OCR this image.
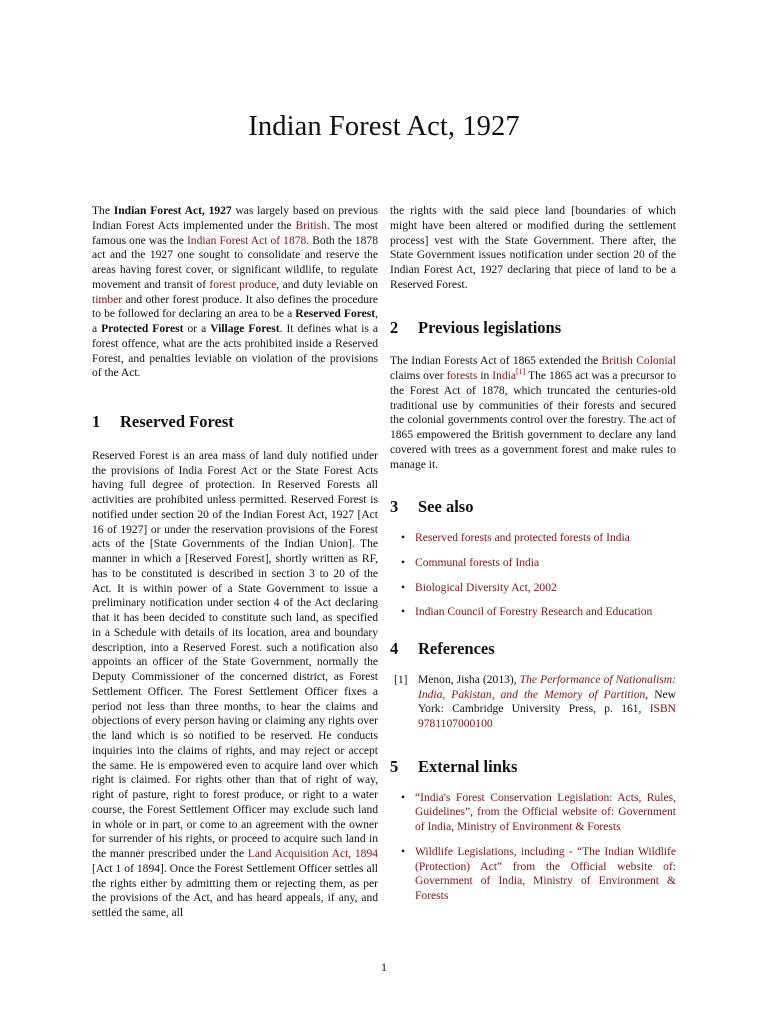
Indian Forest Act, 1927

The Indian Forest Act, 1927 was largely based on previous Indian Forest Acts implemented under the British. The most famous one was the Indian Forest Act of 1878. Both the 1878 act and the 1927 one sought to consolidate and reserve the areas having forest cover, or significant wildlife, to regulate movement and transit of forest produce, and duty leviable on timber and other forest produce. It also defines the procedure to be followed for declaring an area to be a Reserved Forest, a Protected Forest or a Village Forest. It defines what is a forest offence, what are the acts prohibited inside a Reserved Forest, and penalties leviable on violation of the provisions of the Act.

1	Reserved Forest

Reserved Forest is an area mass of land duly notified under the provisions of India Forest Act or the State Forest Acts having full degree of protection. In Reserved Forests all activities are prohibited unless permitted. Reserved Forest is notified under section 20 of the Indian Forest Act, 1927 [Act 16 of 1927] or under the reservation provisions of the Forest acts of the [State Governments of the Indian Union]. The manner in which a [Reserved Forest], shortly written as RF, has to be constituted is described in section 3 to 20 of the Act. It is within power of a State Government to issue a preliminary notification under section 4 of the Act declaring that it has been decided to constitute such land, as specified in a Schedule with details of its location, area and boundary description, into a Reserved Forest. such a notification also appoints an officer of the State Government, normally the Deputy Commissioner of the concerned district, as Forest Settlement Officer. The Forest Settlement Officer fixes a period not less than three months, to hear the claims and objections of every person having or claiming any rights over the land which is so notified to be reserved. He conducts inquiries into the claims of rights, and may reject or accept the same. He is empowered even to acquire land over which right is claimed. For rights other than that of right of way, right of pasture, right to forest produce, or right to a water course, the Forest Settlement Officer may exclude such land in whole or in part, or come to an agreement with the owner for surrender of his rights, or proceed to acquire such land in the manner prescribed under the Land Acquisition Act, 1894 [Act 1 of 1894]. Once the Forest Settlement Officer settles all the rights either by admitting them or rejecting them, as per the provisions of the Act, and has heard appeals, if any, and settled the same, all

the rights with the said piece land [boundaries of which might have been altered or modified during the settlement process] vest with the State Government. There after, the State Government issues notification under section 20 of the Indian Forest Act, 1927 declaring that piece of land to be a Reserved Forest.

2	Previous legislations

The Indian Forests Act of 1865 extended the British Colonial claims over forests in India[1] The 1865 act was a precursor to the Forest Act of 1878, which truncated the centuries-old traditional use by communities of their forests and secured the colonial governments control over the forestry. The act of 1865 empowered the British government to declare any land covered with trees as a government forest and make rules to manage it.

3	See also
• Reserved forests and protected forests of India
• Communal forests of India
• Biological Diversity Act, 2002
• Indian Council of Forestry Research and Education
4	References
[1] Menon, Jisha (2013), The Performance of Nationalism: India, Pakistan, and the Memory of Partition, New York: Cambridge University Press, p. 161, ISBN 9781107000100
5	External links
• “India's Forest Conservation Legislation: Acts, Rules, Guidelines”, from the Official website of: Government of India, Ministry of Environment & Forests
• Wildlife Legislations, including - “The Indian Wildlife (Protection) Act” from the Official website of: Government of India, Ministry of Environment & Forests
1
